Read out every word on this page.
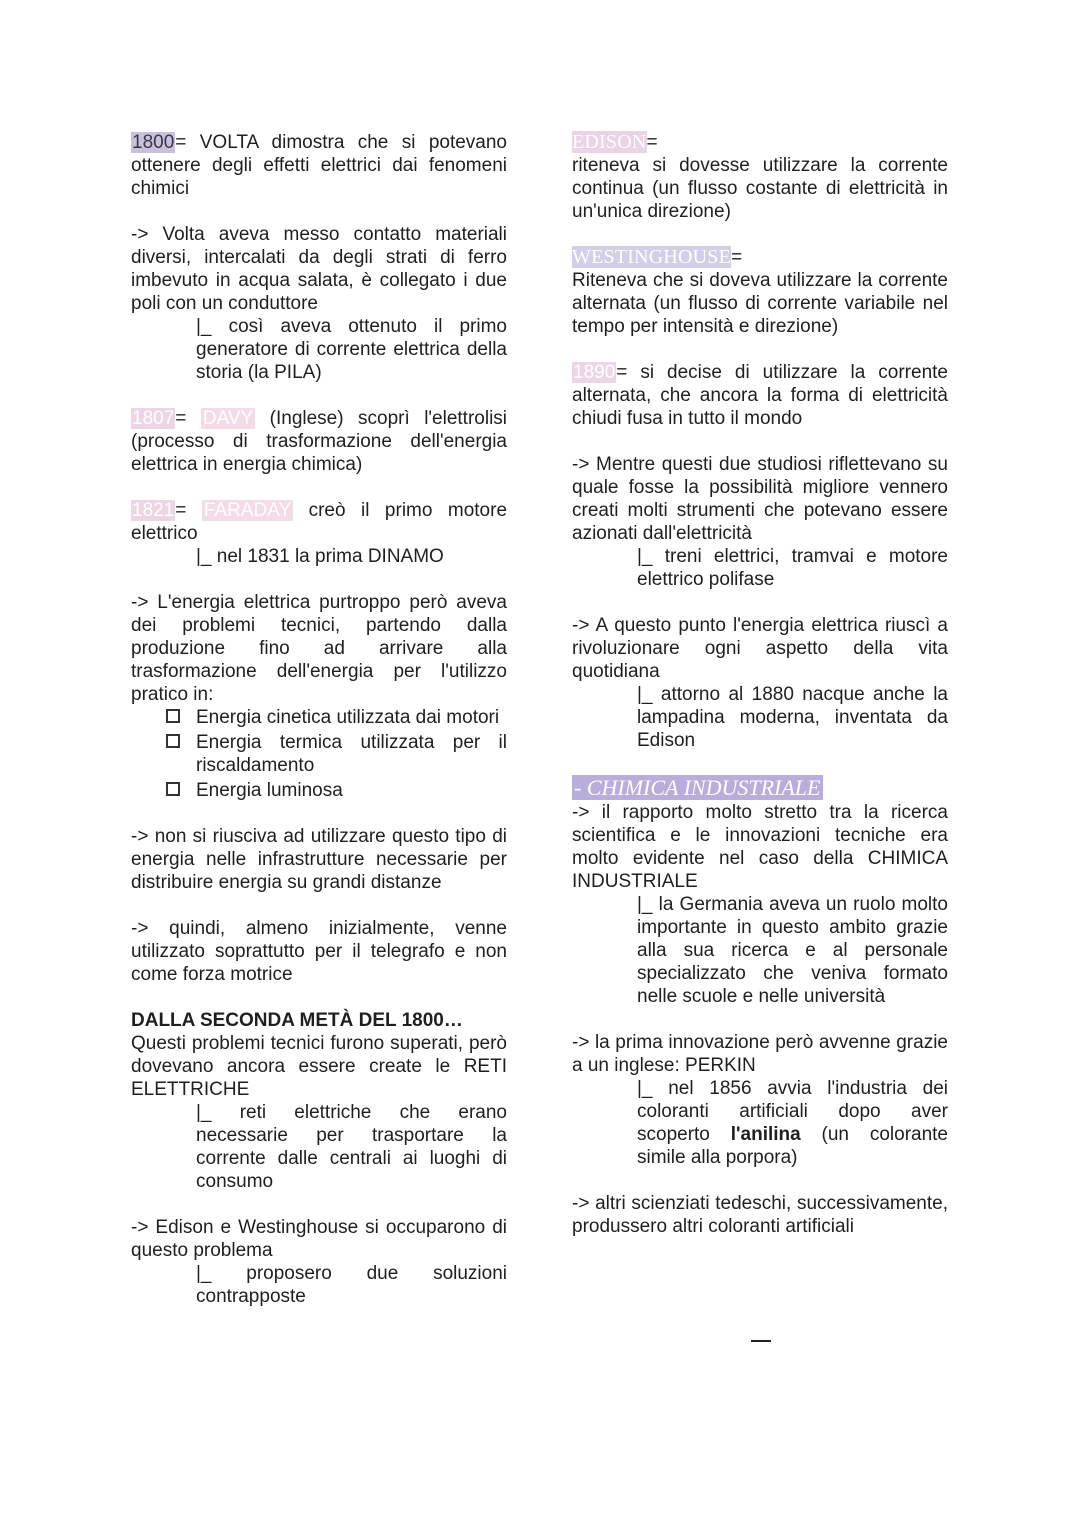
1800= VOLTA dimostra che si potevano ottenere degli effetti elettrici dai fenomeni chimici

-> Volta aveva messo contatto materiali diversi, intercalati da degli strati di ferro imbevuto in acqua salata, è collegato i due poli con un conduttore

|_ così aveva ottenuto il primo generatore di corrente elettrica della storia (la PILA)

1807= DAVY (Inglese) scoprì l'elettrolisi (processo di trasformazione dell'energia elettrica in energia chimica)

1821= FARADAY creò il primo motore elettrico

|_ nel 1831 la prima DINAMO

-> L'energia elettrica purtroppo però aveva dei problemi tecnici, partendo dalla produzione fino ad arrivare alla trasformazione dell'energia per l'utilizzo pratico in:

Energia cinetica utilizzata dai motori
Energia termica utilizzata per il riscaldamento
Energia luminosa

-> non si riusciva ad utilizzare questo tipo di energia nelle infrastrutture necessarie per distribuire energia su grandi distanze

-> quindi, almeno inizialmente, venne utilizzato soprattutto per il telegrafo e non come forza motrice

DALLA SECONDA METÀ DEL 1800…

Questi problemi tecnici furono superati, però dovevano ancora essere create le RETI ELETTRICHE

|_ reti elettriche che erano necessarie per trasportare la corrente dalle centrali ai luoghi di consumo

-> Edison e Westinghouse si occuparono di questo problema

|_ proposero due soluzioni contrapposte

EDISON=

riteneva si dovesse utilizzare la corrente continua (un flusso costante di elettricità in un'unica direzione)

WESTINGHOUSE=

Riteneva che si doveva utilizzare la corrente alternata (un flusso di corrente variabile nel tempo per intensità e direzione)

1890= si decise di utilizzare la corrente alternata, che ancora la forma di elettricità chiudi fusa in tutto il mondo

-> Mentre questi due studiosi riflettevano su quale fosse la possibilità migliore vennero creati molti strumenti che potevano essere azionati dall'elettricità

|_ treni elettrici, tramvai e motore elettrico polifase

-> A questo punto l'energia elettrica riuscì a rivoluzionare ogni aspetto della vita quotidiana

|_ attorno al 1880 nacque anche la lampadina moderna, inventata da Edison

- CHIMICA INDUSTRIALE

-> il rapporto molto stretto tra la ricerca scientifica e le innovazioni tecniche era molto evidente nel caso della CHIMICA INDUSTRIALE

|_ la Germania aveva un ruolo molto importante in questo ambito grazie alla sua ricerca e al personale specializzato che veniva formato nelle scuole e nelle università

-> la prima innovazione però avvenne grazie a un inglese: PERKIN

|_ nel 1856 avvia l'industria dei coloranti artificiali dopo aver scoperto l'anilina (un colorante simile alla porpora)

-> altri scienziati tedeschi, successivamente, produssero altri coloranti artificiali
